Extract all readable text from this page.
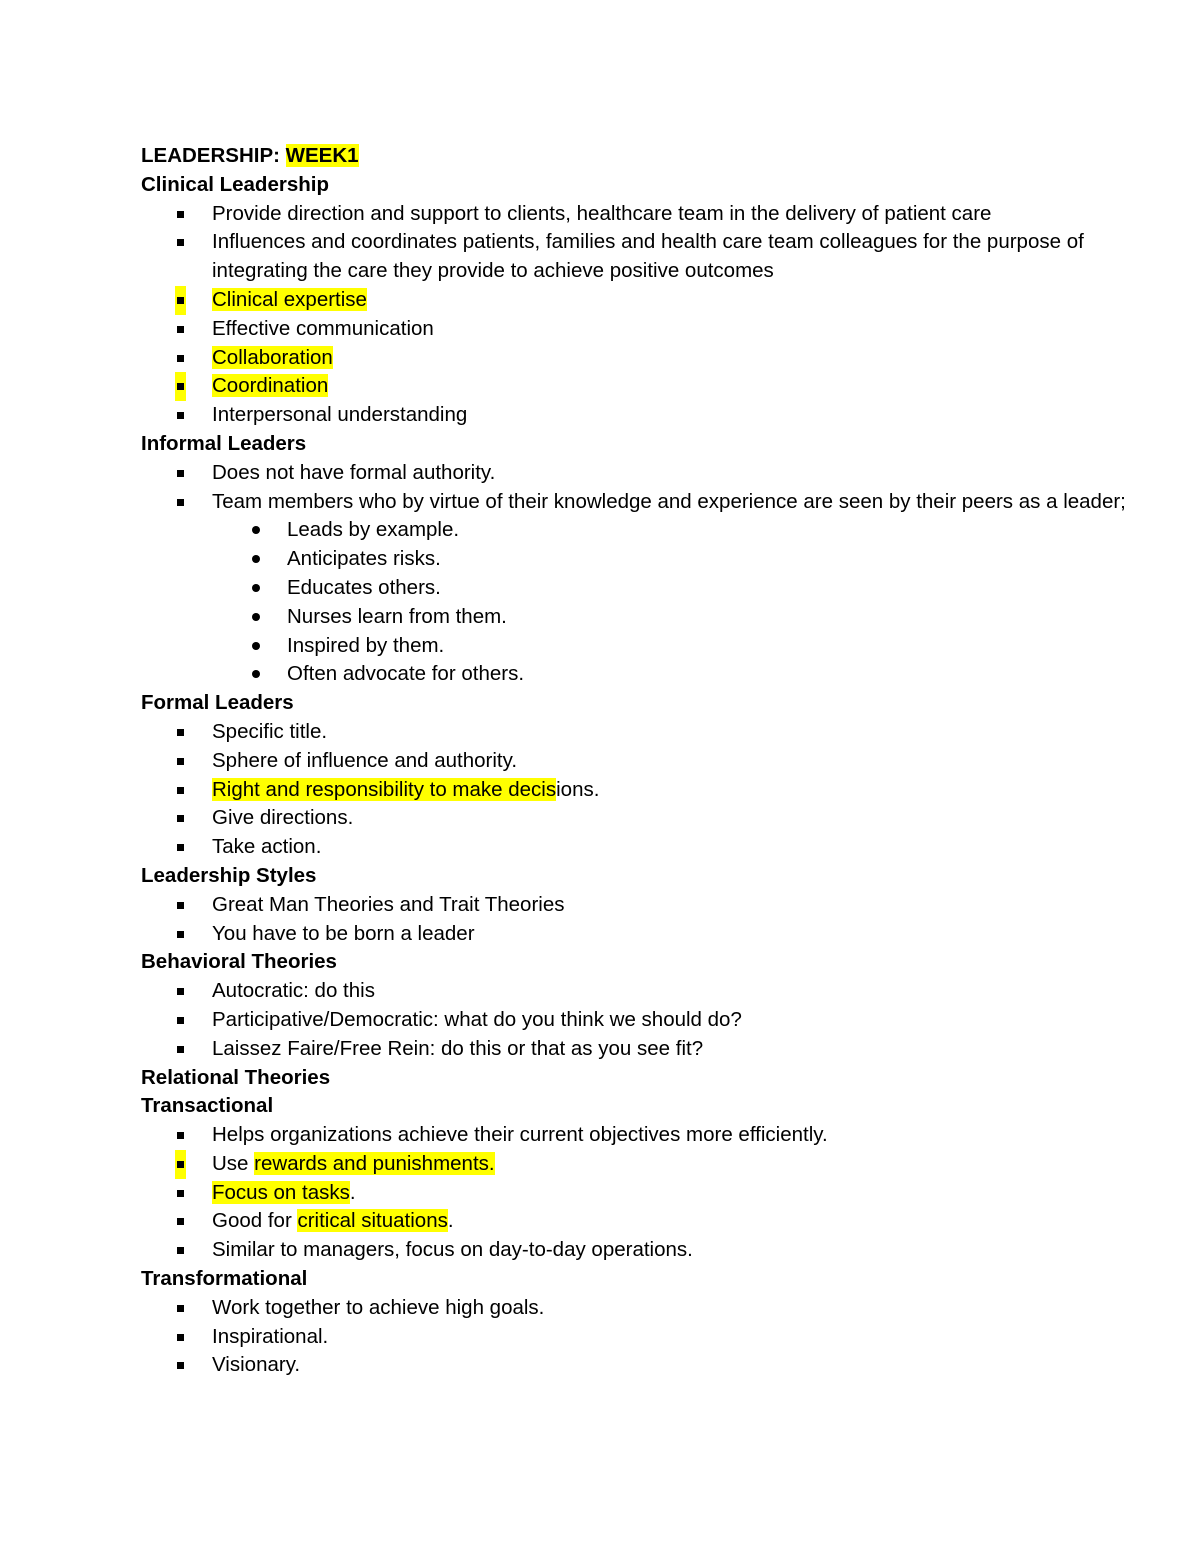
LEADERSHIP: WEEK1
Clinical Leadership
Provide direction and support to clients, healthcare team in the delivery of patient care
Influences and coordinates patients, families and health care team colleagues for the purpose of integrating the care they provide to achieve positive outcomes
Clinical expertise
Effective communication
Collaboration
Coordination
Interpersonal understanding
Informal Leaders
Does not have formal authority.
Team members who by virtue of their knowledge and experience are seen by their peers as a leader;
Leads by example.
Anticipates risks.
Educates others.
Nurses learn from them.
Inspired by them.
Often advocate for others.
Formal Leaders
Specific title.
Sphere of influence and authority.
Right and responsibility to make decisions.
Give directions.
Take action.
Leadership Styles
Great Man Theories and Trait Theories
You have to be born a leader
Behavioral Theories
Autocratic: do this
Participative/Democratic: what do you think we should do?
Laissez Faire/Free Rein: do this or that as you see fit?
Relational Theories
Transactional
Helps organizations achieve their current objectives more efficiently.
Use rewards and punishments.
Focus on tasks.
Good for critical situations.
Similar to managers, focus on day-to-day operations.
Transformational
Work together to achieve high goals.
Inspirational.
Visionary.
